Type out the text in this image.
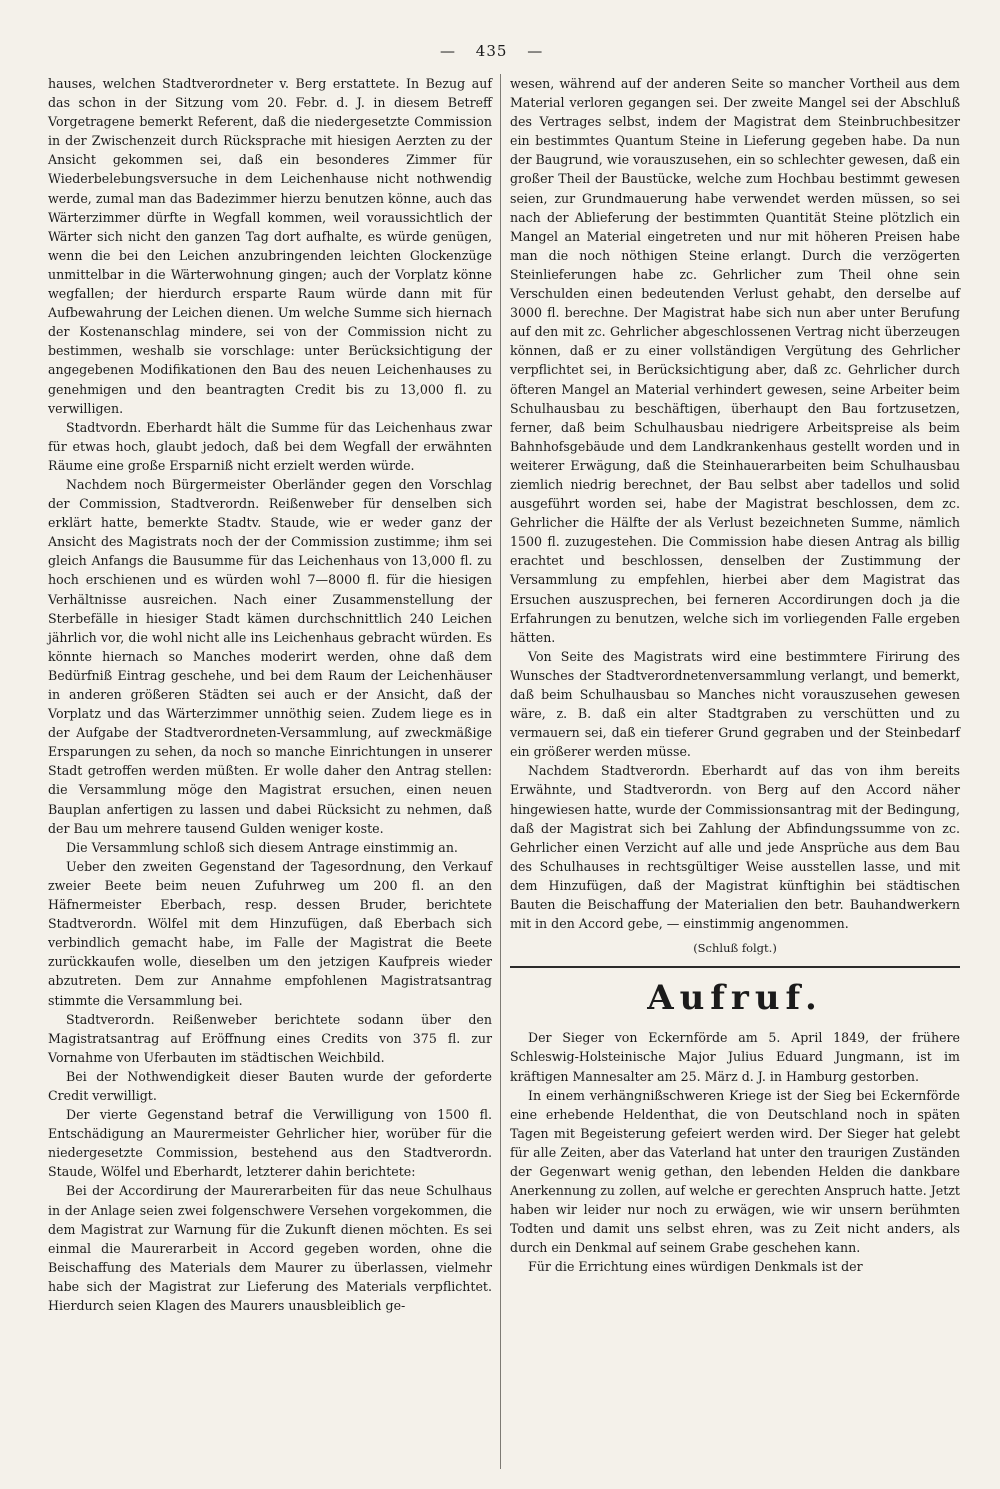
— 435 —

hauses, welchen Stadtverordneter v. Berg erstattete. In Bezug auf das schon in der Sitzung vom 20. Febr. d. J. in diesem Betreff Vorgetragene bemerkt Referent, daß die niedergesetzte Commission in der Zwischenzeit durch Rücksprache mit hiesigen Aerzten zu der Ansicht gekommen sei, daß ein besonderes Zimmer für Wiederbelebungsversuche in dem Leichenhause nicht nothwendig werde, zumal man das Badezimmer hierzu benutzen könne, auch das Wärterzimmer dürfte in Wegfall kommen, weil voraussichtlich der Wärter sich nicht den ganzen Tag dort aufhalte, es würde genügen, wenn die bei den Leichen anzubringenden leichten Glockenzüge unmittelbar in die Wärterwohnung gingen; auch der Vorplatz könne wegfallen; der hierdurch ersparte Raum würde dann mit für Aufbewahrung der Leichen dienen. Um welche Summe sich hiernach der Kostenanschlag mindere, sei von der Commission nicht zu bestimmen, weshalb sie vorschlage: unter Berücksichtigung der angegebenen Modifikationen den Bau des neuen Leichenhauses zu genehmigen und den beantragten Credit bis zu 13,000 fl. zu verwilligen.

Stadtvordn. Eberhardt hält die Summe für das Leichenhaus zwar für etwas hoch, glaubt jedoch, daß bei dem Wegfall der erwähnten Räume eine große Ersparniß nicht erzielt werden würde.

Nachdem noch Bürgermeister Oberländer gegen den Vorschlag der Commission, Stadtverordn. Reißenweber für denselben sich erklärt hatte, bemerkte Stadtv. Staude, wie er weder ganz der Ansicht des Magistrats noch der der Commission zustimme; ihm sei gleich Anfangs die Bausumme für das Leichenhaus von 13,000 fl. zu hoch erschienen und es würden wohl 7—8000 fl. für die hiesigen Verhältnisse ausreichen. Nach einer Zusammenstellung der Sterbefälle in hiesiger Stadt kämen durchschnittlich 240 Leichen jährlich vor, die wohl nicht alle ins Leichenhaus gebracht würden. Es könnte hiernach so Manches moderirt werden, ohne daß dem Bedürfniß Eintrag geschehe, und bei dem Raum der Leichenhäuser in anderen größeren Städten sei auch er der Ansicht, daß der Vorplatz und das Wärterzimmer unnöthig seien. Zudem liege es in der Aufgabe der Stadtverordneten-Versammlung, auf zweckmäßige Ersparungen zu sehen, da noch so manche Einrichtungen in unserer Stadt getroffen werden müßten. Er wolle daher den Antrag stellen: die Versammlung möge den Magistrat ersuchen, einen neuen Bauplan anfertigen zu lassen und dabei Rücksicht zu nehmen, daß der Bau um mehrere tausend Gulden weniger koste.

Die Versammlung schloß sich diesem Antrage einstimmig an.

Ueber den zweiten Gegenstand der Tagesordnung, den Verkauf zweier Beete beim neuen Zufuhrweg um 200 fl. an den Häfnermeister Eberbach, resp. dessen Bruder, berichtete Stadtverordn. Wölfel mit dem Hinzufügen, daß Eberbach sich verbindlich gemacht habe, im Falle der Magistrat die Beete zurückkaufen wolle, dieselben um den jetzigen Kaufpreis wieder abzutreten. Dem zur Annahme empfohlenen Magistratsantrag stimmte die Versammlung bei.

Stadtverordn. Reißenweber berichtete sodann über den Magistratsantrag auf Eröffnung eines Credits von 375 fl. zur Vornahme von Uferbauten im städtischen Weichbild.

Bei der Nothwendigkeit dieser Bauten wurde der geforderte Credit verwilligt.

Der vierte Gegenstand betraf die Verwilligung von 1500 fl. Entschädigung an Maurermeister Gehrlicher hier, worüber für die niedergesetzte Commission, bestehend aus den Stadtverordn. Staude, Wölfel und Eberhardt, letzterer dahin berichtete:

Bei der Accordirung der Maurerarbeiten für das neue Schulhaus in der Anlage seien zwei folgenschwere Versehen vorgekommen, die dem Magistrat zur Warnung für die Zukunft dienen möchten. Es sei einmal die Maurerarbeit in Accord gegeben worden, ohne die Beischaffung des Materials dem Maurer zu überlassen, vielmehr habe sich der Magistrat zur Lieferung des Materials verpflichtet. Hierdurch seien Klagen des Maurers unausbleiblich ge-

wesen, während auf der anderen Seite so mancher Vortheil aus dem Material verloren gegangen sei. Der zweite Mangel sei der Abschluß des Vertrages selbst, indem der Magistrat dem Steinbruchbesitzer ein bestimmtes Quantum Steine in Lieferung gegeben habe. Da nun der Baugrund, wie vorauszusehen, ein so schlechter gewesen, daß ein großer Theil der Baustücke, welche zum Hochbau bestimmt gewesen seien, zur Grundmauerung habe verwendet werden müssen, so sei nach der Ablieferung der bestimmten Quantität Steine plötzlich ein Mangel an Material eingetreten und nur mit höheren Preisen habe man die noch nöthigen Steine erlangt. Durch die verzögerten Steinlieferungen habe zc. Gehrlicher zum Theil ohne sein Verschulden einen bedeutenden Verlust gehabt, den derselbe auf 3000 fl. berechne. Der Magistrat habe sich nun aber unter Berufung auf den mit zc. Gehrlicher abgeschlossenen Vertrag nicht überzeugen können, daß er zu einer vollständigen Vergütung des Gehrlicher verpflichtet sei, in Berücksichtigung aber, daß zc. Gehrlicher durch öfteren Mangel an Material verhindert gewesen, seine Arbeiter beim Schulhausbau zu beschäftigen, überhaupt den Bau fortzusetzen, ferner, daß beim Schulhausbau niedrigere Arbeitspreise als beim Bahnhofsgebäude und dem Landkrankenhaus gestellt worden und in weiterer Erwägung, daß die Steinhauerarbeiten beim Schulhausbau ziemlich niedrig berechnet, der Bau selbst aber tadellos und solid ausgeführt worden sei, habe der Magistrat beschlossen, dem zc. Gehrlicher die Hälfte der als Verlust bezeichneten Summe, nämlich 1500 fl. zuzugestehen. Die Commission habe diesen Antrag als billig erachtet und beschlossen, denselben der Zustimmung der Versammlung zu empfehlen, hierbei aber dem Magistrat das Ersuchen auszusprechen, bei ferneren Accordirungen doch ja die Erfahrungen zu benutzen, welche sich im vorliegenden Falle ergeben hätten.

Von Seite des Magistrats wird eine bestimmtere Firirung des Wunsches der Stadtverordnetenversammlung verlangt, und bemerkt, daß beim Schulhausbau so Manches nicht vorauszusehen gewesen wäre, z. B. daß ein alter Stadtgraben zu verschütten und zu vermauern sei, daß ein tieferer Grund gegraben und der Steinbedarf ein größerer werden müsse.

Nachdem Stadtverordn. Eberhardt auf das von ihm bereits Erwähnte, und Stadtverordn. von Berg auf den Accord näher hingewiesen hatte, wurde der Commissionsantrag mit der Bedingung, daß der Magistrat sich bei Zahlung der Abfindungssumme von zc. Gehrlicher einen Verzicht auf alle und jede Ansprüche aus dem Bau des Schulhauses in rechtsgültiger Weise ausstellen lasse, und mit dem Hinzufügen, daß der Magistrat künftighin bei städtischen Bauten die Beischaffung der Materialien den betr. Bauhandwerkern mit in den Accord gebe, — einstimmig angenommen.

(Schluß folgt.)

Aufruf.

Der Sieger von Eckernförde am 5. April 1849, der frühere Schleswig-Holsteinische Major Julius Eduard Jungmann, ist im kräftigen Mannesalter am 25. März d. J. in Hamburg gestorben.

In einem verhängnißschweren Kriege ist der Sieg bei Eckernförde eine erhebende Heldenthat, die von Deutschland noch in späten Tagen mit Begeisterung gefeiert werden wird. Der Sieger hat gelebt für alle Zeiten, aber das Vaterland hat unter den traurigen Zuständen der Gegenwart wenig gethan, den lebenden Helden die dankbare Anerkennung zu zollen, auf welche er gerechten Anspruch hatte. Jetzt haben wir leider nur noch zu erwägen, wie wir unsern berühmten Todten und damit uns selbst ehren, was zu Zeit nicht anders, als durch ein Denkmal auf seinem Grabe geschehen kann.

Für die Errichtung eines würdigen Denkmals ist der
